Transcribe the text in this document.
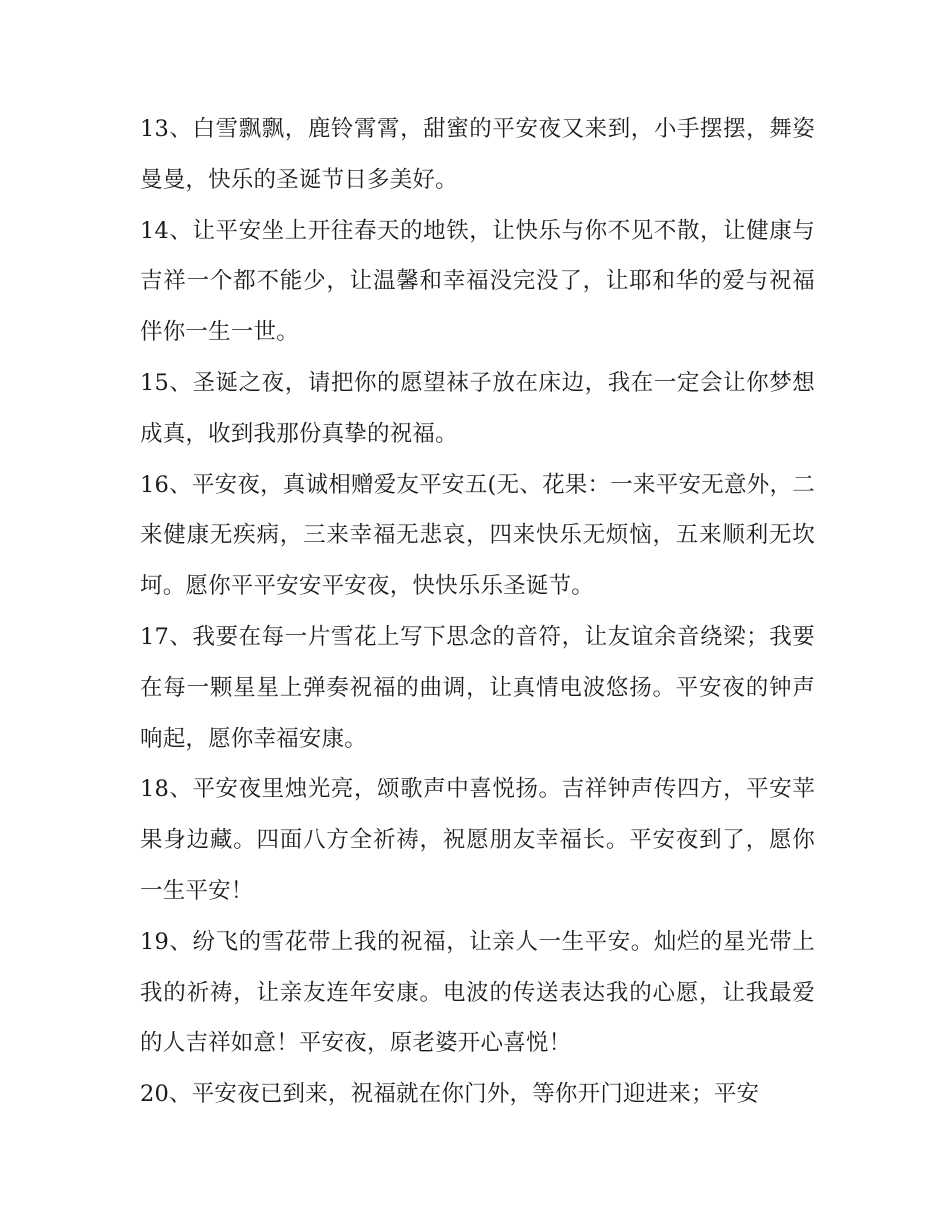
13、白雪飘飘，鹿铃霄霄，甜蜜的平安夜又来到，小手摆摆，舞姿曼曼，快乐的圣诞节日多美好。

14、让平安坐上开往春天的地铁，让快乐与你不见不散，让健康与吉祥一个都不能少，让温馨和幸福没完没了，让耶和华的爱与祝福伴你一生一世。

15、圣诞之夜，请把你的愿望袜子放在床边，我在一定会让你梦想成真，收到我那份真挚的祝福。

16、平安夜，真诚相赠爱友平安五(无、花果：一来平安无意外，二来健康无疾病，三来幸福无悲哀，四来快乐无烦恼，五来顺利无坎坷。愿你平平安安平安夜，快快乐乐圣诞节。

17、我要在每一片雪花上写下思念的音符，让友谊余音绕梁；我要在每一颗星星上弹奏祝福的曲调，让真情电波悠扬。平安夜的钟声响起，愿你幸福安康。

18、平安夜里烛光亮，颂歌声中喜悦扬。吉祥钟声传四方，平安苹果身边藏。四面八方全祈祷，祝愿朋友幸福长。平安夜到了，愿你一生平安！

19、纷飞的雪花带上我的祝福，让亲人一生平安。灿烂的星光带上我的祈祷，让亲友连年安康。电波的传送表达我的心愿，让我最爱的人吉祥如意！平安夜，原老婆开心喜悦！

20、平安夜已到来，祝福就在你门外，等你开门迎进来；平安
